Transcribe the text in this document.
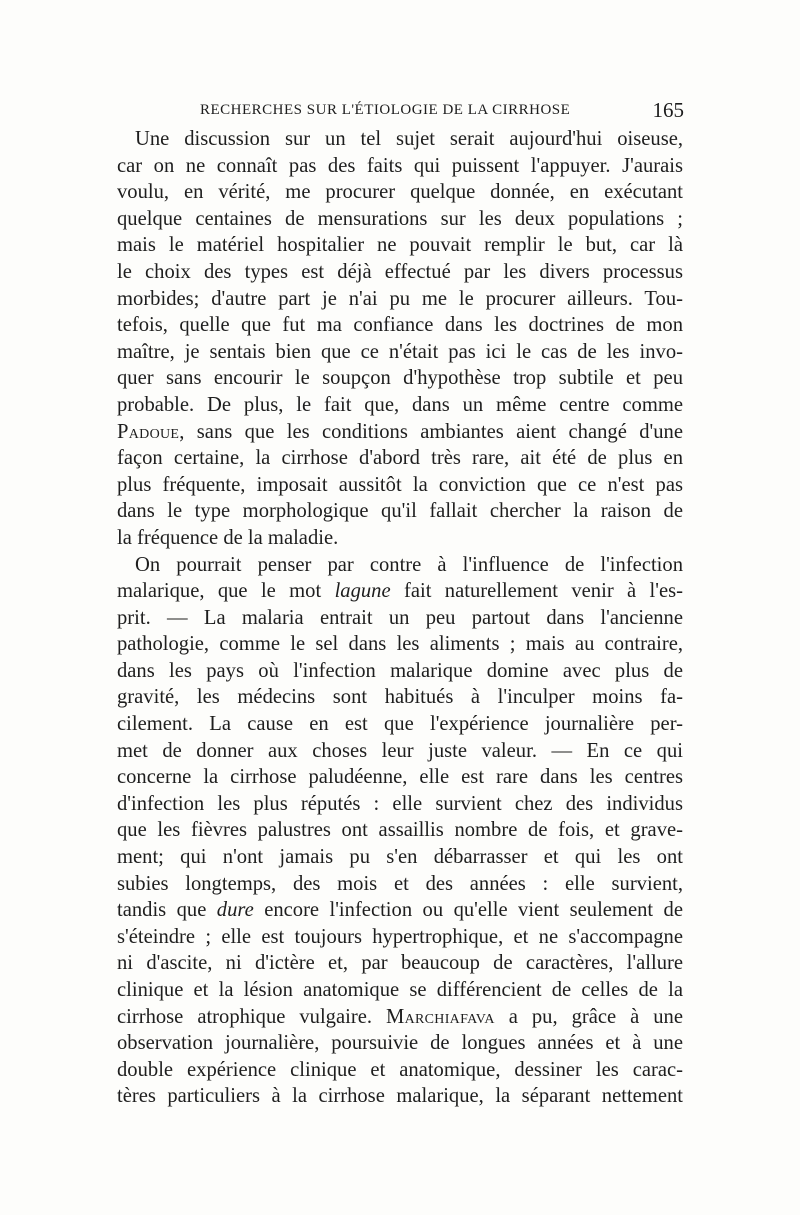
RECHERCHES SUR L'ÉTIOLOGIE DE LA CIRRHOSE	165
Une discussion sur un tel sujet serait aujourd'hui oiseuse,
car on ne connaît pas des faits qui puissent l'appuyer. J'aurais
voulu, en vérité, me procurer quelque donnée, en exécutant
quelque centaines de mensurations sur les deux populations ;
mais le matériel hospitalier ne pouvait remplir le but, car là
le choix des types est déjà effectué par les divers processus
morbides; d'autre part je n'ai pu me le procurer ailleurs. Tou-
tefois, quelle que fut ma confiance dans les doctrines de mon
maître, je sentais bien que ce n'était pas ici le cas de les invo-
quer sans encourir le soupçon d'hypothèse trop subtile et peu
probable. De plus, le fait que, dans un même centre comme
Padoue, sans que les conditions ambiantes aient changé d'une
façon certaine, la cirrhose d'abord très rare, ait été de plus en
plus fréquente, imposait aussitôt la conviction que ce n'est pas
dans le type morphologique qu'il fallait chercher la raison de
la fréquence de la maladie.
On pourrait penser par contre à l'influence de l'infection
malarique, que le mot lagune fait naturellement venir à l'es-
prit. — La malaria entrait un peu partout dans l'ancienne
pathologie, comme le sel dans les aliments ; mais au contraire,
dans les pays où l'infection malarique domine avec plus de
gravité, les médecins sont habitués à l'inculper moins fa-
cilement. La cause en est que l'expérience journalière per-
met de donner aux choses leur juste valeur. — En ce qui
concerne la cirrhose paludéenne, elle est rare dans les centres
d'infection les plus réputés : elle survient chez des individus
que les fièvres palustres ont assaillis nombre de fois, et grave-
ment; qui n'ont jamais pu s'en débarrasser et qui les ont
subies longtemps, des mois et des années : elle survient,
tandis que dure encore l'infection ou qu'elle vient seulement de
s'éteindre ; elle est toujours hypertrophique, et ne s'accompagne
ni d'ascite, ni d'ictère et, par beaucoup de caractères, l'allure
clinique et la lésion anatomique se différencient de celles de la
cirrhose atrophique vulgaire. Marchiafava a pu, grâce à une
observation journalière, poursuivie de longues années et à une
double expérience clinique et anatomique, dessiner les carac-
tères particuliers à la cirrhose malarique, la séparant nettement
